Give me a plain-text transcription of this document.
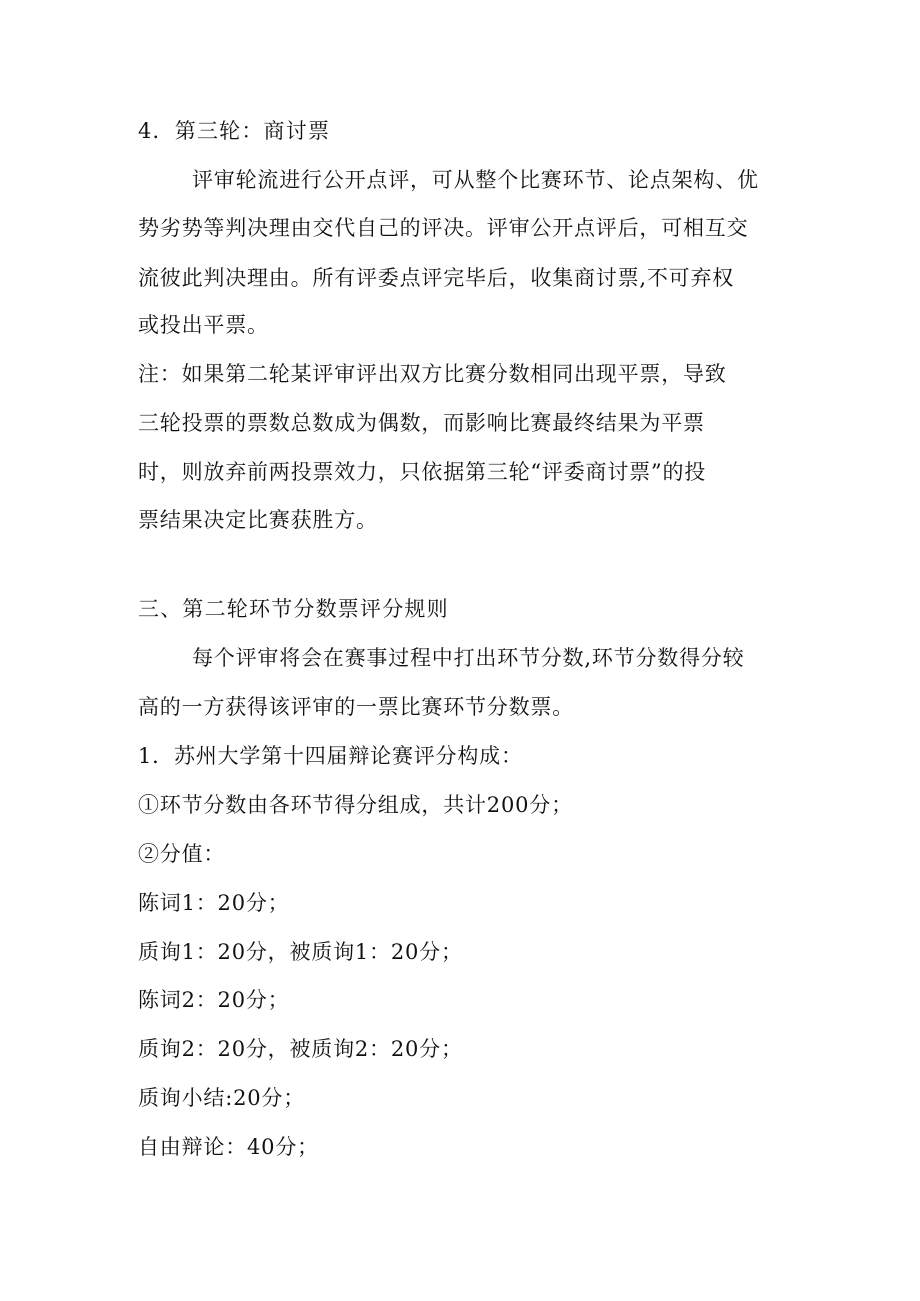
4．第三轮：商讨票
评审轮流进行公开点评，可从整个比赛环节、论点架构、优
势劣势等判决理由交代自己的评决。评审公开点评后，可相互交
流彼此判决理由。所有评委点评完毕后，收集商讨票,不可弃权
或投出平票。
注：如果第二轮某评审评出双方比赛分数相同出现平票，导致
三轮投票的票数总数成为偶数，而影响比赛最终结果为平票
时，则放弃前两投票效力，只依据第三轮“评委商讨票”的投
票结果决定比赛获胜方。
三、第二轮环节分数票评分规则
每个评审将会在赛事过程中打出环节分数,环节分数得分较
高的一方获得该评审的一票比赛环节分数票。
1．苏州大学第十四届辩论赛评分构成：
①环节分数由各环节得分组成，共计200分；
②分值：
陈词1：20分；
质询1：20分，被质询1：20分；
陈词2：20分；
质询2：20分，被质询2：20分；
质询小结:20分；
自由辩论：40分；
